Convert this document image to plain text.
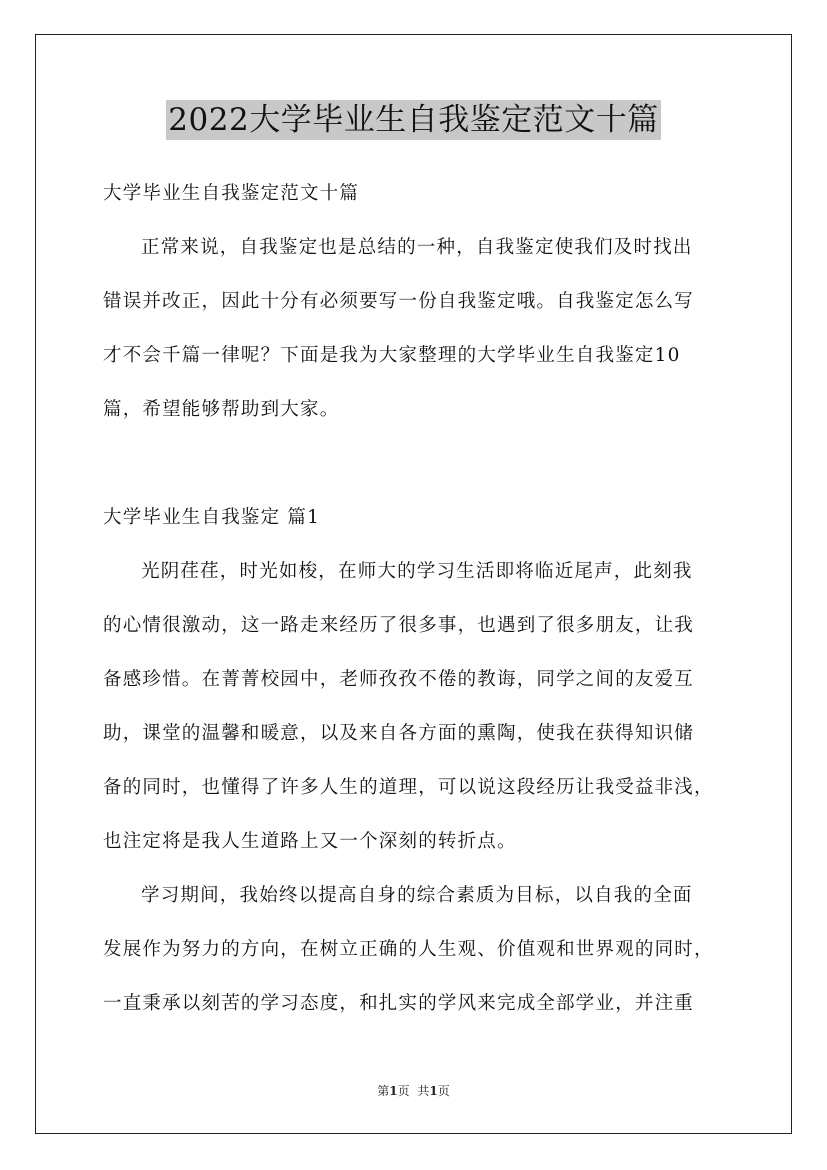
2022大学毕业生自我鉴定范文十篇
大学毕业生自我鉴定范文十篇
正常来说，自我鉴定也是总结的一种，自我鉴定使我们及时找出
错误并改正，因此十分有必须要写一份自我鉴定哦。自我鉴定怎么写
才不会千篇一律呢？下面是我为大家整理的大学毕业生自我鉴定10
篇，希望能够帮助到大家。
大学毕业生自我鉴定 篇1
光阴荏荏，时光如梭，在师大的学习生活即将临近尾声，此刻我
的心情很激动，这一路走来经历了很多事，也遇到了很多朋友，让我
备感珍惜。在菁菁校园中，老师孜孜不倦的教诲，同学之间的友爱互
助，课堂的温馨和暖意，以及来自各方面的熏陶，使我在获得知识储
备的同时，也懂得了许多人生的道理，可以说这段经历让我受益非浅，
也注定将是我人生道路上又一个深刻的转折点。
学习期间，我始终以提高自身的综合素质为目标，以自我的全面
发展作为努力的方向，在树立正确的人生观、价值观和世界观的同时，
一直秉承以刻苦的学习态度，和扎实的学风来完成全部学业，并注重
第1页 共1页
